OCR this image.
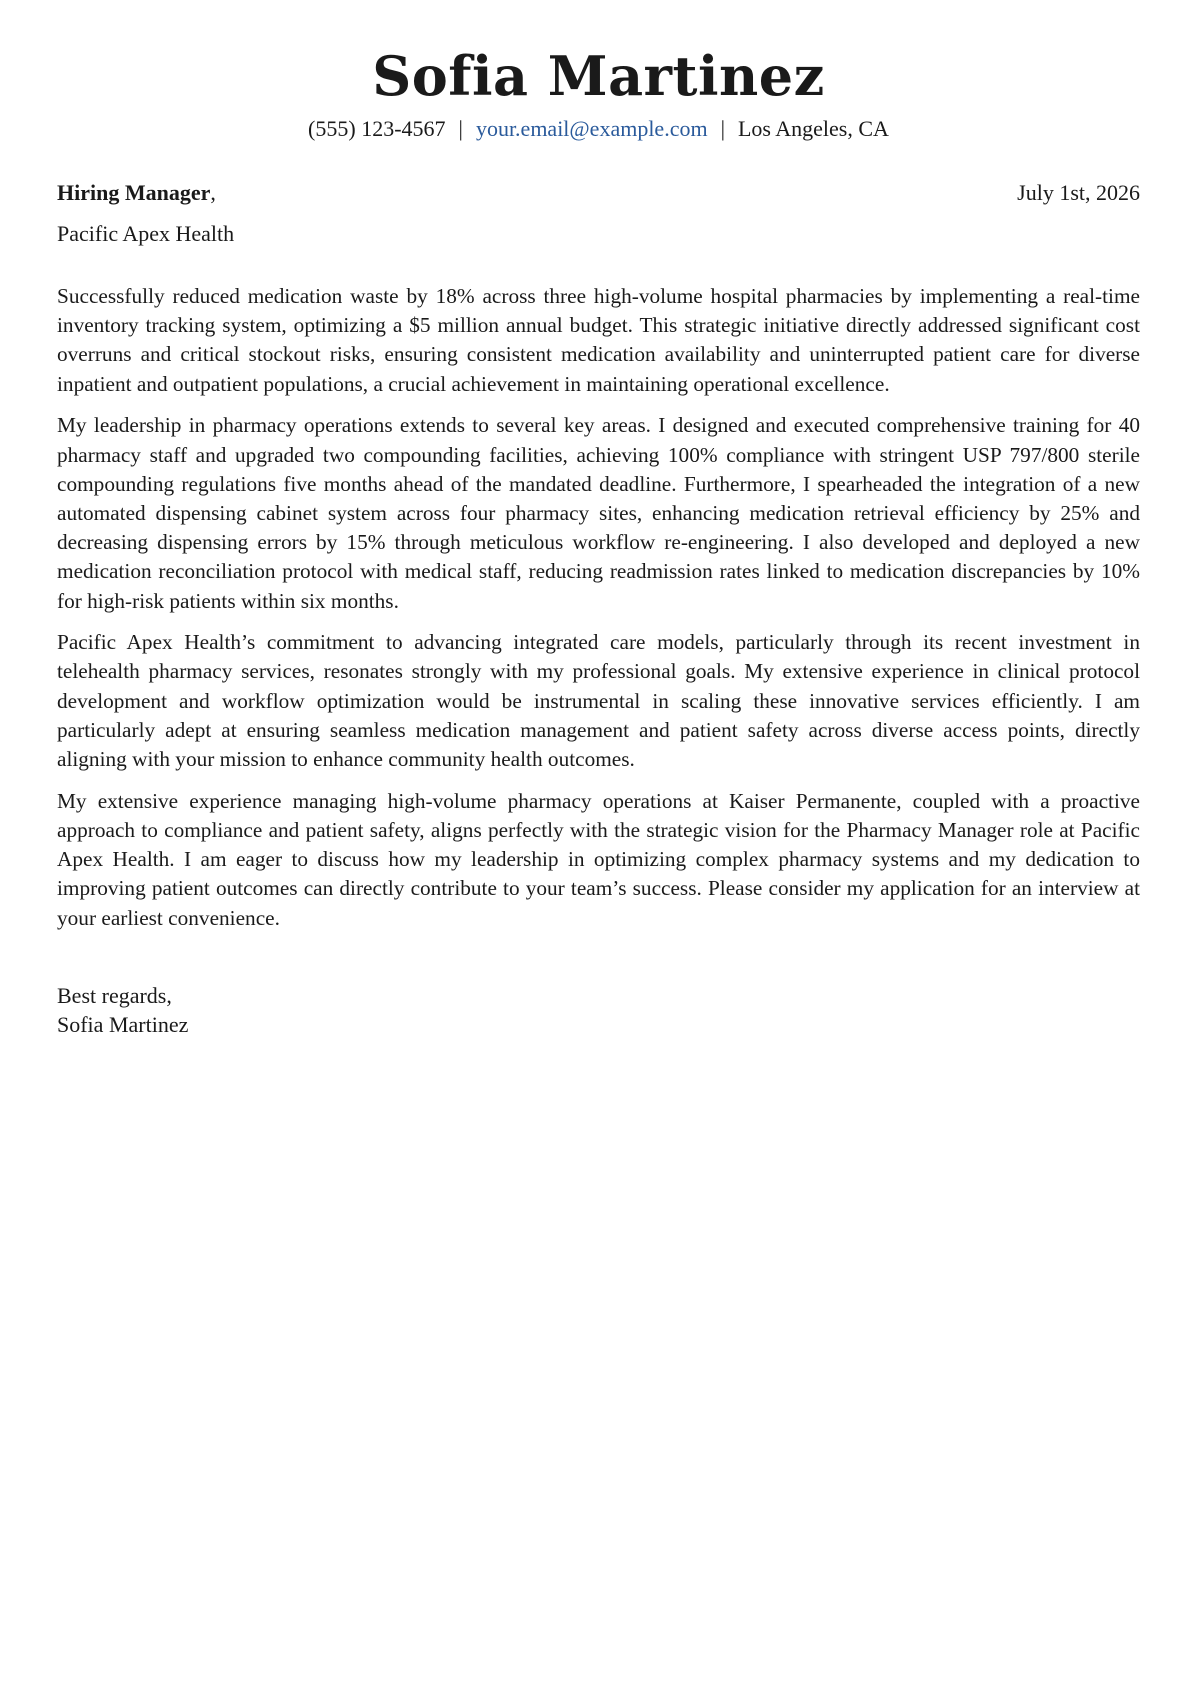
Sofia Martinez
(555) 123-4567 | your.email@example.com | Los Angeles, CA
Hiring Manager,	July 1st, 2026
Pacific Apex Health

Successfully reduced medication waste by 18% across three high-volume hospital pharmacies by implementing a real-time inventory tracking system, optimizing a $5 million annual budget. This strategic initiative directly addressed significant cost overruns and critical stockout risks, ensuring consistent medication availability and uninterrupted patient care for diverse inpatient and outpatient populations, a crucial achievement in maintaining operational excellence.

My leadership in pharmacy operations extends to several key areas. I designed and executed comprehensive training for 40 pharmacy staff and upgraded two compounding facilities, achieving 100% compliance with stringent USP 797/800 sterile compounding regulations five months ahead of the mandated deadline. Furthermore, I spearheaded the integration of a new automated dispensing cabinet system across four pharmacy sites, enhancing medication retrieval efficiency by 25% and decreasing dispensing errors by 15% through meticulous workflow re-engineering. I also developed and deployed a new medication reconciliation protocol with medical staff, reducing readmission rates linked to medication discrepancies by 10% for high-risk patients within six months.

Pacific Apex Health’s commitment to advancing integrated care models, particularly through its recent investment in telehealth pharmacy services, resonates strongly with my professional goals. My extensive experience in clinical protocol development and workflow optimization would be instrumental in scaling these innovative services efficiently. I am particularly adept at ensuring seamless medication management and patient safety across diverse access points, directly aligning with your mission to enhance community health outcomes.

My extensive experience managing high-volume pharmacy operations at Kaiser Permanente, coupled with a proactive approach to compliance and patient safety, aligns perfectly with the strategic vision for the Pharmacy Manager role at Pacific Apex Health. I am eager to discuss how my leadership in optimizing complex pharmacy systems and my dedication to improving patient outcomes can directly contribute to your team’s success. Please consider my application for an interview at your earliest convenience.

Best regards,
Sofia Martinez
